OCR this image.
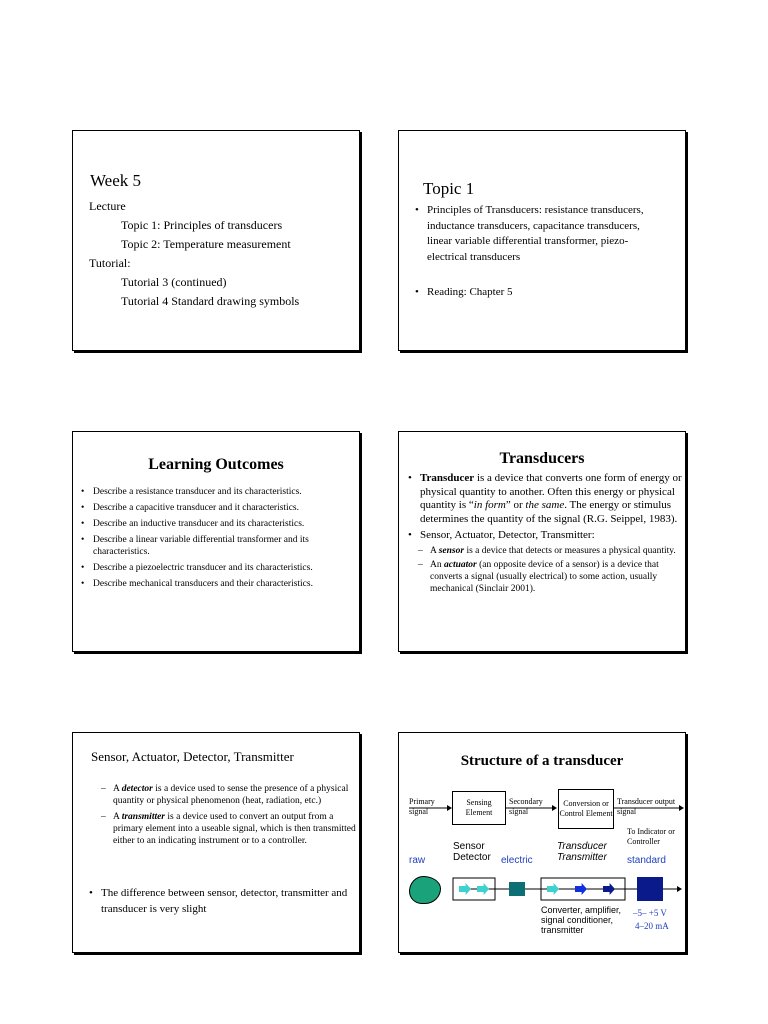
Week 5
Lecture
Topic 1: Principles of transducers
Topic 2: Temperature measurement
Tutorial:
Tutorial 3 (continued)
Tutorial 4 Standard drawing symbols
Topic 1
• Principles of Transducers: resistance transducers, inductance transducers, capacitance transducers, linear variable differential transformer, piezo-electrical transducers
• Reading: Chapter 5
Learning Outcomes
• Describe a resistance transducer and its characteristics.
• Describe a capacitive transducer and it characteristics.
• Describe an inductive transducer and its characteristics.
• Describe a linear variable differential transformer and its characteristics.
• Describe a piezoelectric transducer and its characteristics.
• Describe mechanical transducers and their characteristics.
Transducers
• Transducer is a device that converts one form of energy or physical quantity to another. Often this energy or physical quantity is “in form” or the same. The energy or stimulus determines the quantity of the signal (R.G. Seippel, 1983).
• Sensor, Actuator, Detector, Transmitter:
– A sensor is a device that detects or measures a physical quantity.
– An actuator (an opposite device of a sensor) is a device that converts a signal (usually electrical) to some action, usually mechanical (Sinclair 2001).
Sensor, Actuator, Detector, Transmitter
– A detector is a device used to sense the presence of a physical quantity or physical phenomenon (heat, radiation, etc.)
– A transmitter is a device used to convert an output from a primary element into a useable signal, which is then transmitted either to an indicating instrument or to a controller.
• The difference between sensor, detector, transmitter and transducer is very slight
Structure of a transducer
Primary signal
Sensing Element
Secondary signal
Conversion or Control Element
Transducer output signal
To Indicator or Controller
raw
Sensor Detector	electric
Transducer Transmitter	standard
Converter, amplifier, signal conditioner, transmitter
–5– +5 V
4–20 mA
